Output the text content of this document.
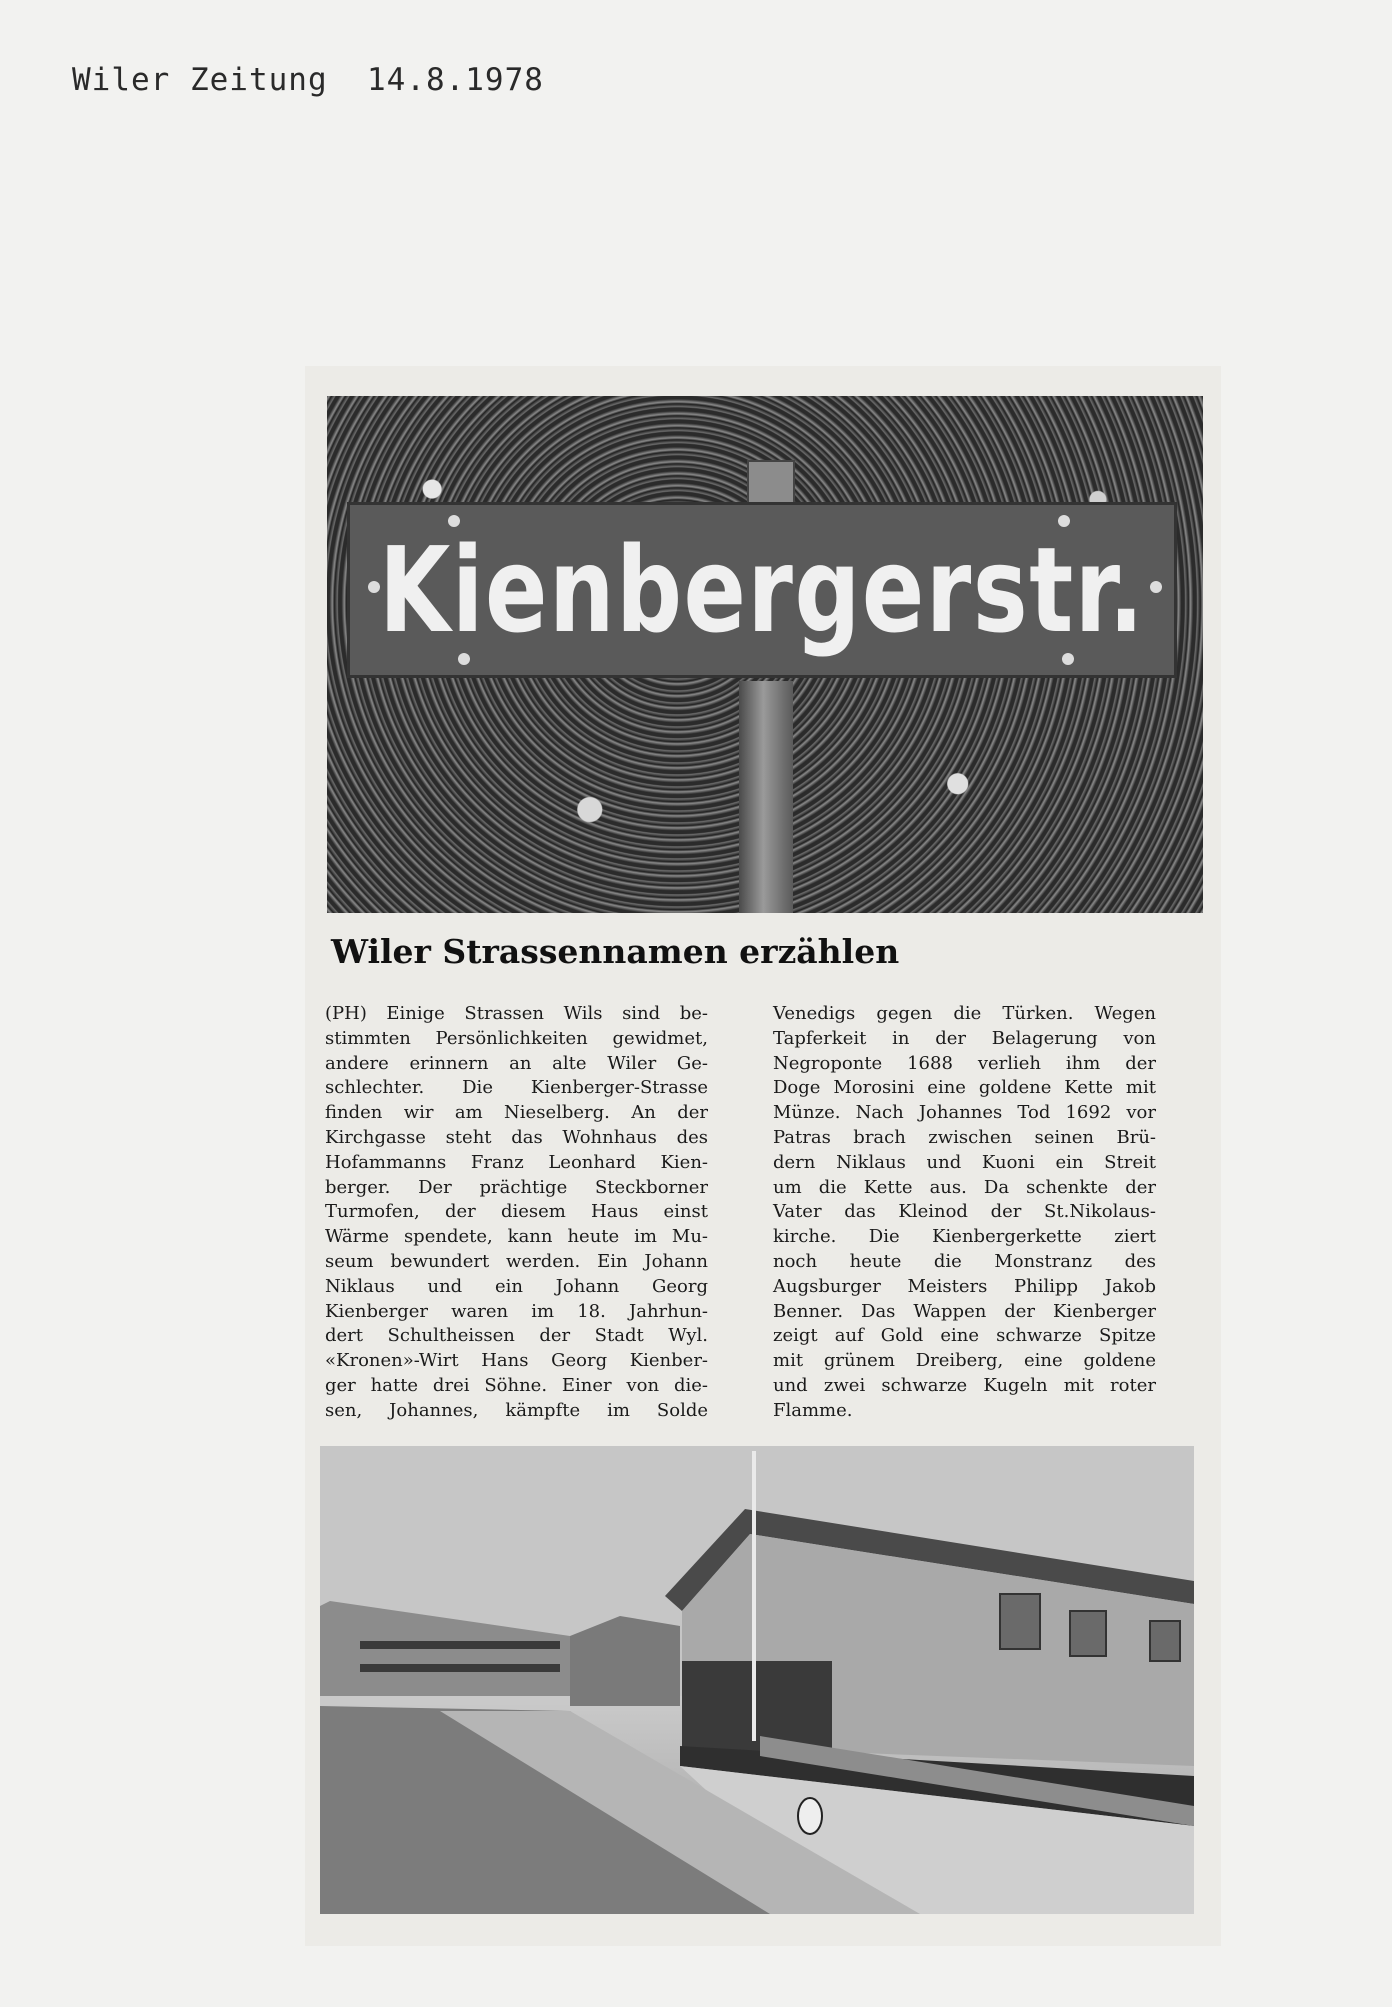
Wiler Zeitung  14.8.1978
Kienbergerstr.
Wiler Strassennamen erzählen
(PH) Einige Strassen Wils sind be-
stimmten Persönlichkeiten gewidmet,
andere erinnern an alte Wiler Ge-
schlechter. Die Kienberger-Strasse
finden wir am Nieselberg. An der
Kirchgasse steht das Wohnhaus des
Hofammanns Franz Leonhard Kien-
berger. Der prächtige Steckborner
Turmofen, der diesem Haus einst
Wärme spendete, kann heute im Mu-
seum bewundert werden. Ein Johann
Niklaus und ein Johann Georg
Kienberger waren im 18. Jahrhun-
dert Schultheissen der Stadt Wyl.
«Kronen»-Wirt Hans Georg Kienber-
ger hatte drei Söhne. Einer von die-
sen, Johannes, kämpfte im Solde
Venedigs gegen die Türken. Wegen
Tapferkeit in der Belagerung von
Negroponte 1688 verlieh ihm der
Doge Morosini eine goldene Kette mit
Münze. Nach Johannes Tod 1692 vor
Patras brach zwischen seinen Brü-
dern Niklaus und Kuoni ein Streit
um die Kette aus. Da schenkte der
Vater das Kleinod der St.Nikolaus-
kirche. Die Kienbergerkette ziert
noch heute die Monstranz des
Augsburger Meisters Philipp Jakob
Benner. Das Wappen der Kienberger
zeigt auf Gold eine schwarze Spitze
mit grünem Dreiberg, eine goldene
und zwei schwarze Kugeln mit roter
Flamme.
